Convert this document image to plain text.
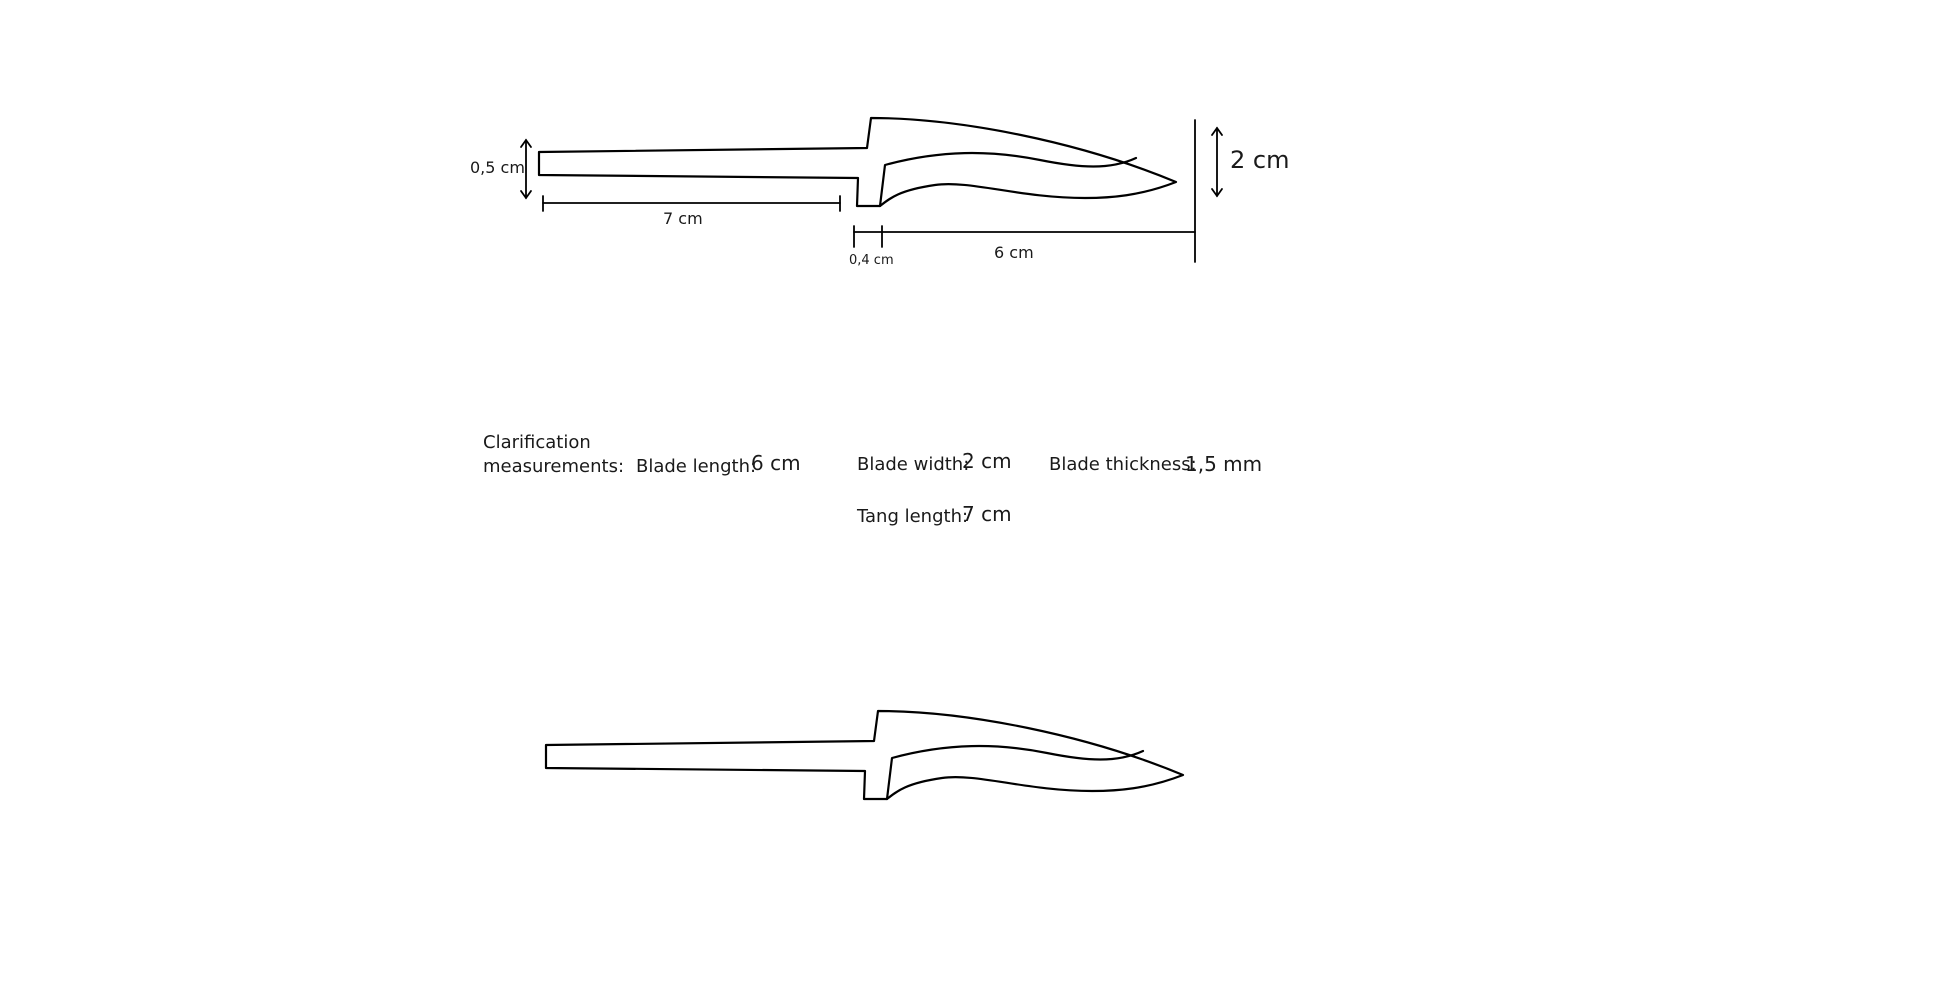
0,5 cm
7 cm
0,4 cm	6 cm
2 cm
Clarification
measurements: Blade length:
6 cm	Blade width:
2 cm Blade thickness:
1,5 mm
Tang length:
7 cm
